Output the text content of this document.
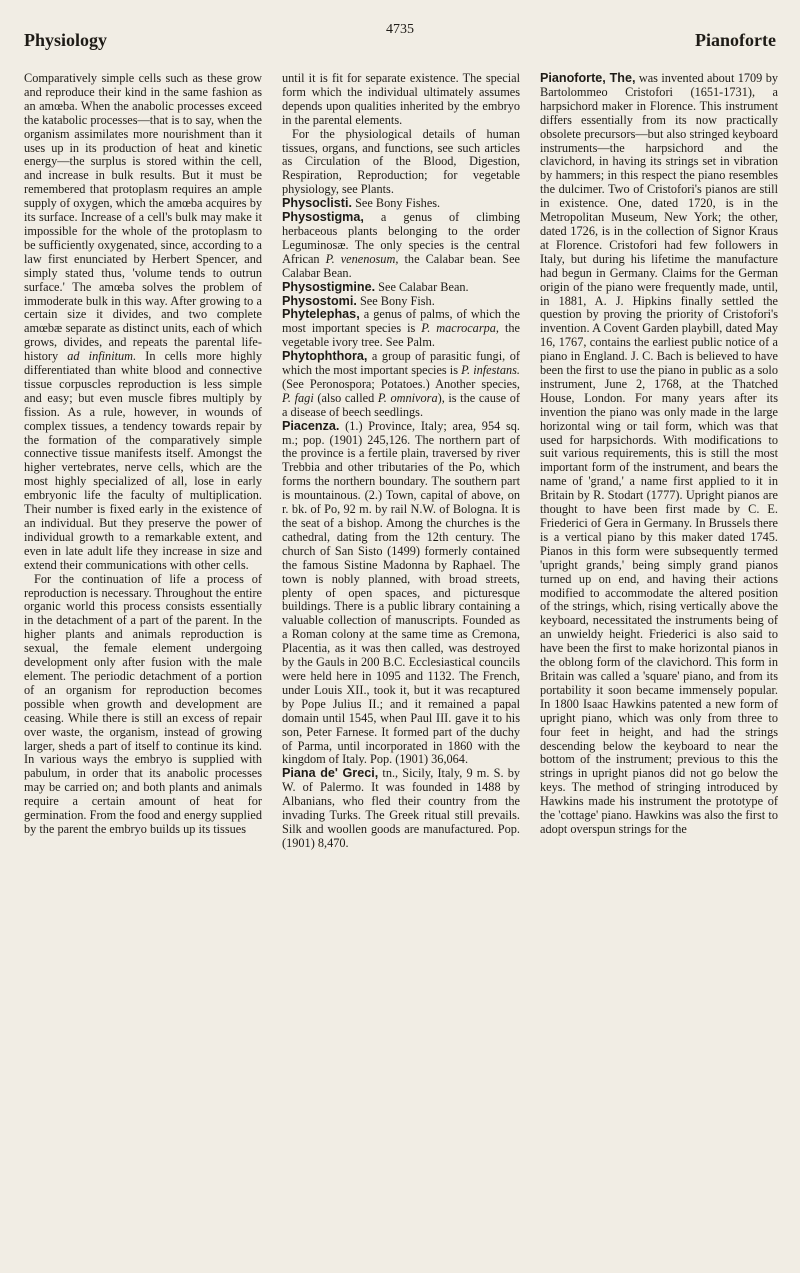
Physiology
4735
Pianoforte

Comparatively simple cells such as these grow and reproduce their kind in the same fashion as an amœba. When the anabolic processes exceed the katabolic processes—that is to say, when the organism assimilates more nourishment than it uses up in its production of heat and kinetic energy—the surplus is stored within the cell, and increase in bulk results. But it must be remembered that protoplasm requires an ample supply of oxygen, which the amœba acquires by its surface. Increase of a cell's bulk may make it impossible for the whole of the protoplasm to be sufficiently oxygenated, since, according to a law first enunciated by Herbert Spencer, and simply stated thus, 'volume tends to outrun surface.' The amœba solves the problem of immoderate bulk in this way. After growing to a certain size it divides, and two complete amœbæ separate as distinct units, each of which grows, divides, and repeats the parental life-history ad infinitum. In cells more highly differentiated than white blood and connective tissue corpuscles reproduction is less simple and easy; but even muscle fibres multiply by fission. As a rule, however, in wounds of complex tissues, a tendency towards repair by the formation of the comparatively simple connective tissue manifests itself. Amongst the higher vertebrates, nerve cells, which are the most highly specialized of all, lose in early embryonic life the faculty of multiplication. Their number is fixed early in the existence of an individual. But they preserve the power of individual growth to a remarkable extent, and even in late adult life they increase in size and extend their communications with other cells.

For the continuation of life a process of reproduction is necessary. Throughout the entire organic world this process consists essentially in the detachment of a part of the parent. In the higher plants and animals reproduction is sexual, the female element undergoing development only after fusion with the male element. The periodic detachment of a portion of an organism for reproduction becomes possible when growth and development are ceasing. While there is still an excess of repair over waste, the organism, instead of growing larger, sheds a part of itself to continue its kind. In various ways the embryo is supplied with pabulum, in order that its anabolic processes may be carried on; and both plants and animals require a certain amount of heat for germination. From the food and energy supplied by the parent the embryo builds up its tissues

until it is fit for separate existence. The special form which the individual ultimately assumes depends upon qualities inherited by the embryo in the parental elements.

For the physiological details of human tissues, organs, and functions, see such articles as Circulation of the Blood, Digestion, Respiration, Reproduction; for vegetable physiology, see Plants.

Physoclisti. See Bony Fishes.

Physostigma, a genus of climbing herbaceous plants belonging to the order Leguminosæ. The only species is the central African P. venenosum, the Calabar bean. See Calabar Bean.

Physostigmine. See Calabar Bean.

Physostomi. See Bony Fish.

Phytelephas, a genus of palms, of which the most important species is P. macrocarpa, the vegetable ivory tree. See Palm.

Phytophthora, a group of parasitic fungi, of which the most important species is P. infestans. (See Peronospora; Potatoes.) Another species, P. fagi (also called P. omnivora), is the cause of a disease of beech seedlings.

Piacenza. (1.) Province, Italy; area, 954 sq. m.; pop. (1901) 245,126. The northern part of the province is a fertile plain, traversed by river Trebbia and other tributaries of the Po, which forms the northern boundary. The southern part is mountainous. (2.) Town, capital of above, on r. bk. of Po, 92 m. by rail N.W. of Bologna. It is the seat of a bishop. Among the churches is the cathedral, dating from the 12th century. The church of San Sisto (1499) formerly contained the famous Sistine Madonna by Raphael. The town is nobly planned, with broad streets, plenty of open spaces, and picturesque buildings. There is a public library containing a valuable collection of manuscripts. Founded as a Roman colony at the same time as Cremona, Placentia, as it was then called, was destroyed by the Gauls in 200 B.C. Ecclesiastical councils were held here in 1095 and 1132. The French, under Louis XII., took it, but it was recaptured by Pope Julius II.; and it remained a papal domain until 1545, when Paul III. gave it to his son, Peter Farnese. It formed part of the duchy of Parma, until incorporated in 1860 with the kingdom of Italy. Pop. (1901) 36,064.

Piana de' Greci, tn., Sicily, Italy, 9 m. S. by W. of Palermo. It was founded in 1488 by Albanians, who fled their country from the invading Turks. The Greek ritual still prevails. Silk and woollen goods are manufactured. Pop. (1901) 8,470.

Pianoforte, The, was invented about 1709 by Bartolommeo Cristofori (1651-1731), a harpsichord maker in Florence. This instrument differs essentially from its now practically obsolete precursors—but also stringed keyboard instruments—the harpsichord and the clavichord, in having its strings set in vibration by hammers; in this respect the piano resembles the dulcimer. Two of Cristofori's pianos are still in existence. One, dated 1720, is in the Metropolitan Museum, New York; the other, dated 1726, is in the collection of Signor Kraus at Florence. Cristofori had few followers in Italy, but during his lifetime the manufacture had begun in Germany. Claims for the German origin of the piano were frequently made, until, in 1881, A. J. Hipkins finally settled the question by proving the priority of Cristofori's invention. A Covent Garden playbill, dated May 16, 1767, contains the earliest public notice of a piano in England. J. C. Bach is believed to have been the first to use the piano in public as a solo instrument, June 2, 1768, at the Thatched House, London. For many years after its invention the piano was only made in the large horizontal wing or tail form, which was that used for harpsichords. With modifications to suit various requirements, this is still the most important form of the instrument, and bears the name of 'grand,' a name first applied to it in Britain by R. Stodart (1777). Upright pianos are thought to have been first made by C. E. Friederici of Gera in Germany. In Brussels there is a vertical piano by this maker dated 1745. Pianos in this form were subsequently termed 'upright grands,' being simply grand pianos turned up on end, and having their actions modified to accommodate the altered position of the strings, which, rising vertically above the keyboard, necessitated the instruments being of an unwieldy height. Friederici is also said to have been the first to make horizontal pianos in the oblong form of the clavichord. This form in Britain was called a 'square' piano, and from its portability it soon became immensely popular. In 1800 Isaac Hawkins patented a new form of upright piano, which was only from three to four feet in height, and had the strings descending below the keyboard to near the bottom of the instrument; previous to this the strings in upright pianos did not go below the keys. The method of stringing introduced by Hawkins made his instrument the prototype of the 'cottage' piano. Hawkins was also the first to adopt overspun strings for the
